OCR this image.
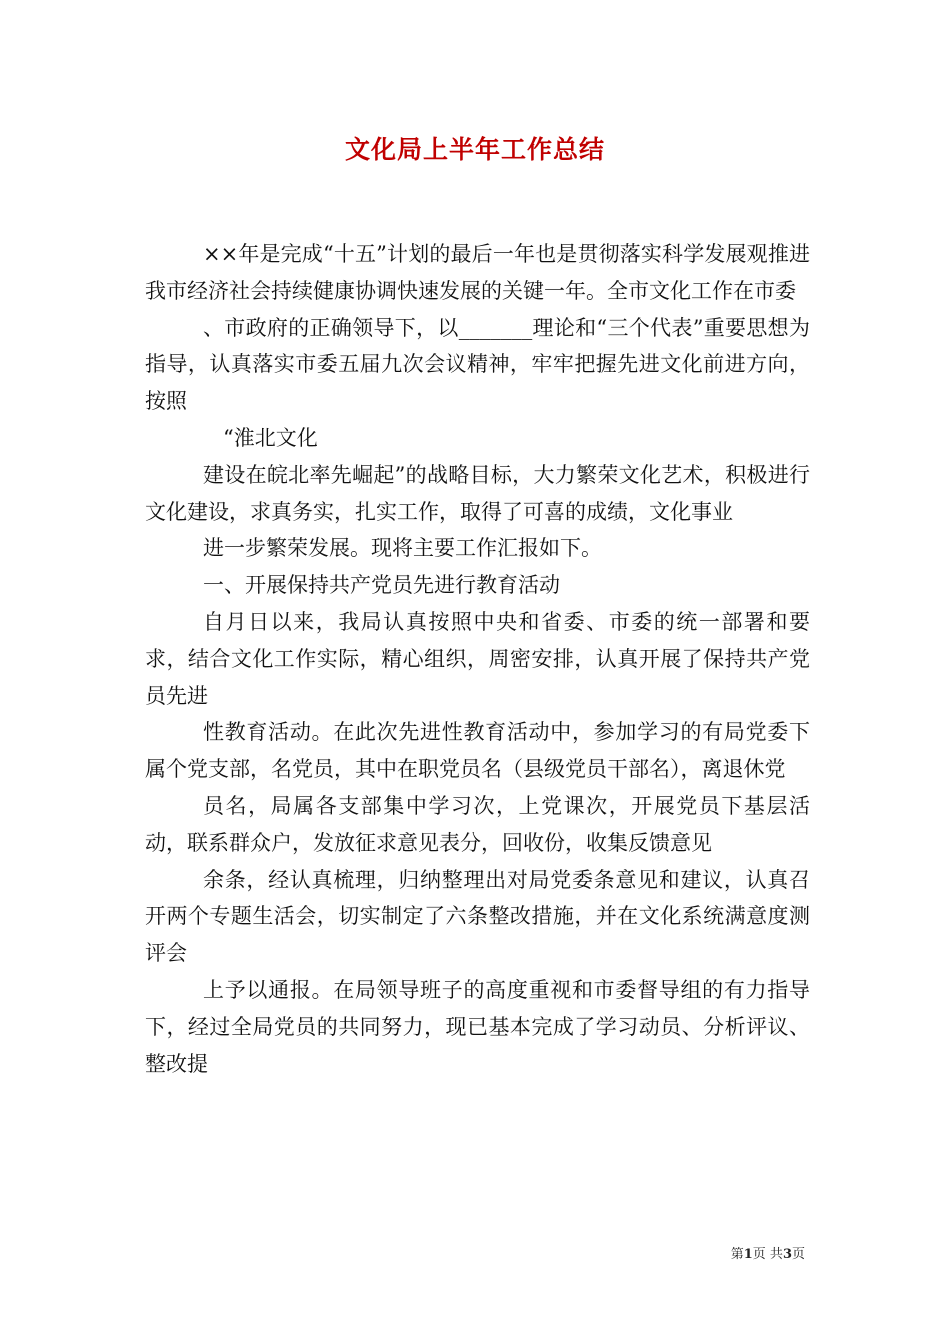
文化局上半年工作总结

××年是完成“十五”计划的最后一年也是贯彻落实科学发展观推进我市经济社会持续健康协调快速发展的关键一年。全市文化工作在市委

、市政府的正确领导下，以_______理论和“三个代表”重要思想为指导，认真落实市委五届九次会议精神，牢牢把握先进文化前进方向，按照

“淮北文化

建设在皖北率先崛起”的战略目标，大力繁荣文化艺术，积极进行文化建设，求真务实，扎实工作，取得了可喜的成绩，文化事业

进一步繁荣发展。现将主要工作汇报如下。

一、开展保持共产党员先进行教育活动

自月日以来，我局认真按照中央和省委、市委的统一部署和要求，结合文化工作实际，精心组织，周密安排，认真开展了保持共产党员先进

性教育活动。在此次先进性教育活动中，参加学习的有局党委下属个党支部，名党员，其中在职党员名（县级党员干部名），离退休党

员名，局属各支部集中学习次，上党课次，开展党员下基层活动，联系群众户，发放征求意见表分，回收份，收集反馈意见

余条，经认真梳理，归纳整理出对局党委条意见和建议，认真召开两个专题生活会，切实制定了六条整改措施，并在文化系统满意度测评会

上予以通报。在局领导班子的高度重视和市委督导组的有力指导下，经过全局党员的共同努力，现已基本完成了学习动员、分析评议、整改提

第1页 共3页
